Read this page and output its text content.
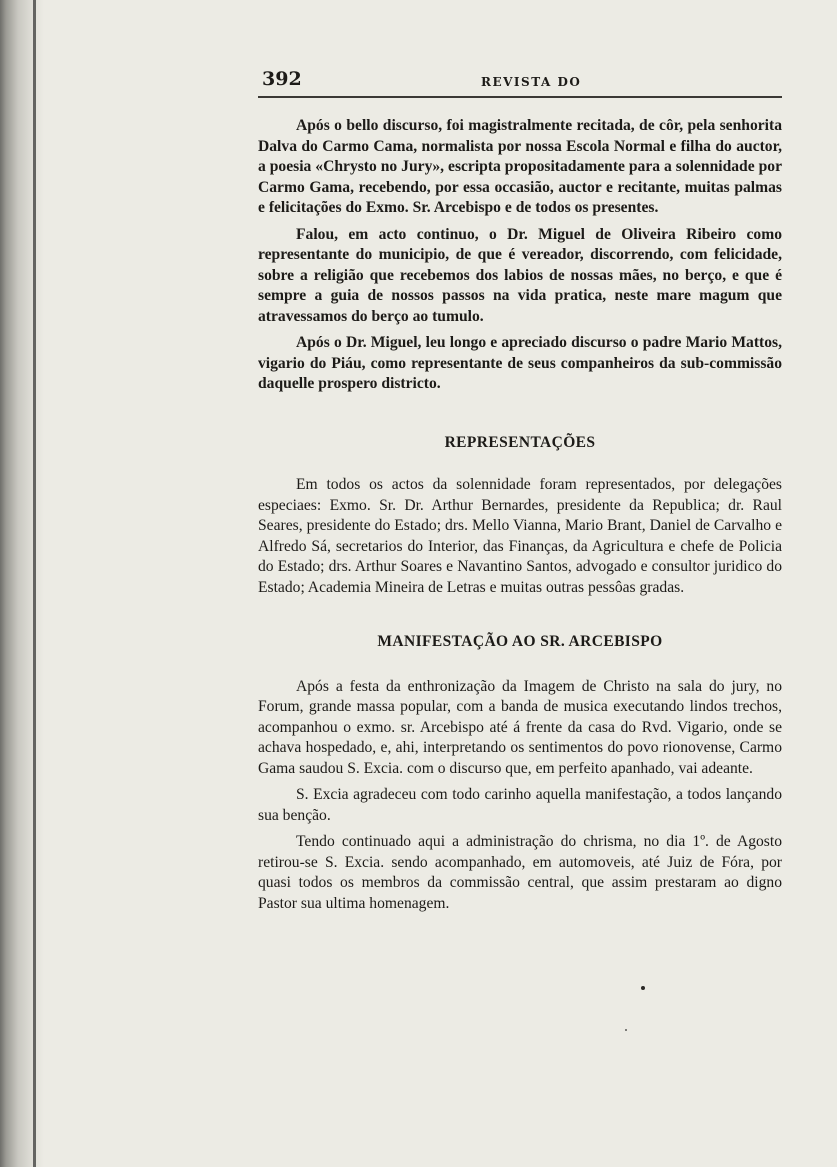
392	REVISTA DO

Após o bello discurso, foi magistralmente recitada, de côr, pela senhorita Dalva do Carmo Cama, normalista por nossa Escola Normal e filha do auctor, a poesia «Chrysto no Jury», escripta propositadamente para a solennidade por Carmo Gama, recebendo, por essa occasião, auctor e recitante, muitas palmas e felicitações do Exmo. Sr. Arcebispo e de todos os presentes.

Falou, em acto continuo, o Dr. Miguel de Oliveira Ribeiro como representante do municipio, de que é vereador, discorrendo, com felicidade, sobre a religião que recebemos dos labios de nossas mães, no berço, e que é sempre a guia de nossos passos na vida pratica, neste mare magum que atravessamos do berço ao tumulo.

Após o Dr. Miguel, leu longo e apreciado discurso o padre Mario Mattos, vigario do Piáu, como representante de seus companheiros da sub-commissão daquelle prospero districto.

REPRESENTAÇÕES

Em todos os actos da solennidade foram representados, por delegações especiaes: Exmo. Sr. Dr. Arthur Bernardes, presidente da Republica; dr. Raul Seares, presidente do Estado; drs. Mello Vianna, Mario Brant, Daniel de Carvalho e Alfredo Sá, secretarios do Interior, das Finanças, da Agricultura e chefe de Policia do Estado; drs. Arthur Soares e Navantino Santos, advogado e consultor juridico do Estado; Academia Mineira de Letras e muitas outras pessôas gradas.

MANIFESTAÇÃO AO SR. ARCEBISPO

Após a festa da enthronização da Imagem de Christo na sala do jury, no Forum, grande massa popular, com a banda de musica executando lindos trechos, acompanhou o exmo. sr. Arcebispo até á frente da casa do Rvd. Vigario, onde se achava hospedado, e, ahi, interpretando os sentimentos do povo rionovense, Carmo Gama saudou S. Excia. com o discurso que, em perfeito apanhado, vai adeante.

S. Excia agradeceu com todo carinho aquella manifestação, a todos lançando sua benção.

Tendo continuado aqui a administração do chrisma, no dia 1º. de Agosto retirou-se S. Excia. sendo acompanhado, em automoveis, até Juiz de Fóra, por quasi todos os membros da commissão central, que assim prestaram ao digno Pastor sua ultima homenagem.
